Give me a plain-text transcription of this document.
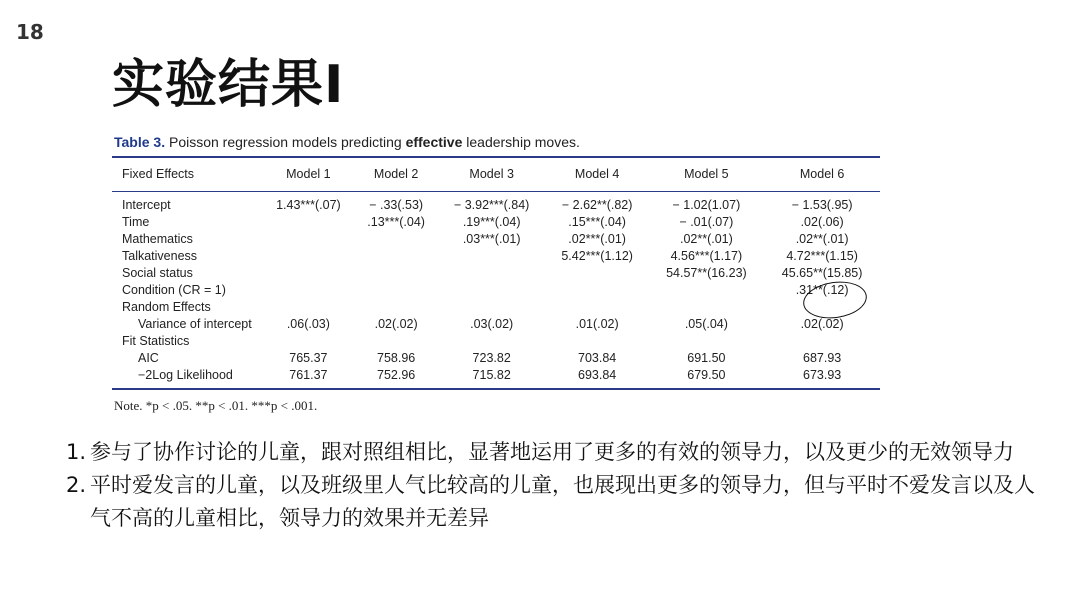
18
实验结果I
Table 3. Poisson regression models predicting effective leadership moves.
Fixed Effects	Model 1	Model 2	Model 3	Model 4	Model 5	Model 6

Intercept	1.43***(.07)	− .33(.53)	− 3.92***(.84)	− 2.62**(.82)	− 1.02(1.07)	− 1.53(.95)
Time		.13***(.04)	.19***(.04)	.15***(.04)	− .01(.07)	.02(.06)
Mathematics			.03***(.01)	.02***(.01)	.02**(.01)	.02**(.01)
Talkativeness				5.42***(1.12)	4.56***(1.17)	4.72***(1.15)
Social status					54.57**(16.23)	45.65**(15.85)
Condition (CR = 1)						.31**(.12)
Random Effects						
Variance of intercept	.06(.03)	.02(.02)	.03(.02)	.01(.02)	.05(.04)	.02(.02)
Fit Statistics						
AIC	765.37	758.96	723.82	703.84	691.50	687.93
−2Log Likelihood	761.37	752.96	715.82	693.84	679.50	673.93
Note. *p < .05. **p < .01. ***p < .001.
1. 参与了协作讨论的儿童，跟对照组相比，显著地运用了更多的有效的领导力，以及更少的无效领导力
2. 平时爱发言的儿童，以及班级里人气比较高的儿童，也展现出更多的领导力，但与平时不爱发言以及人气不高的儿童相比，领导力的效果并无差异
